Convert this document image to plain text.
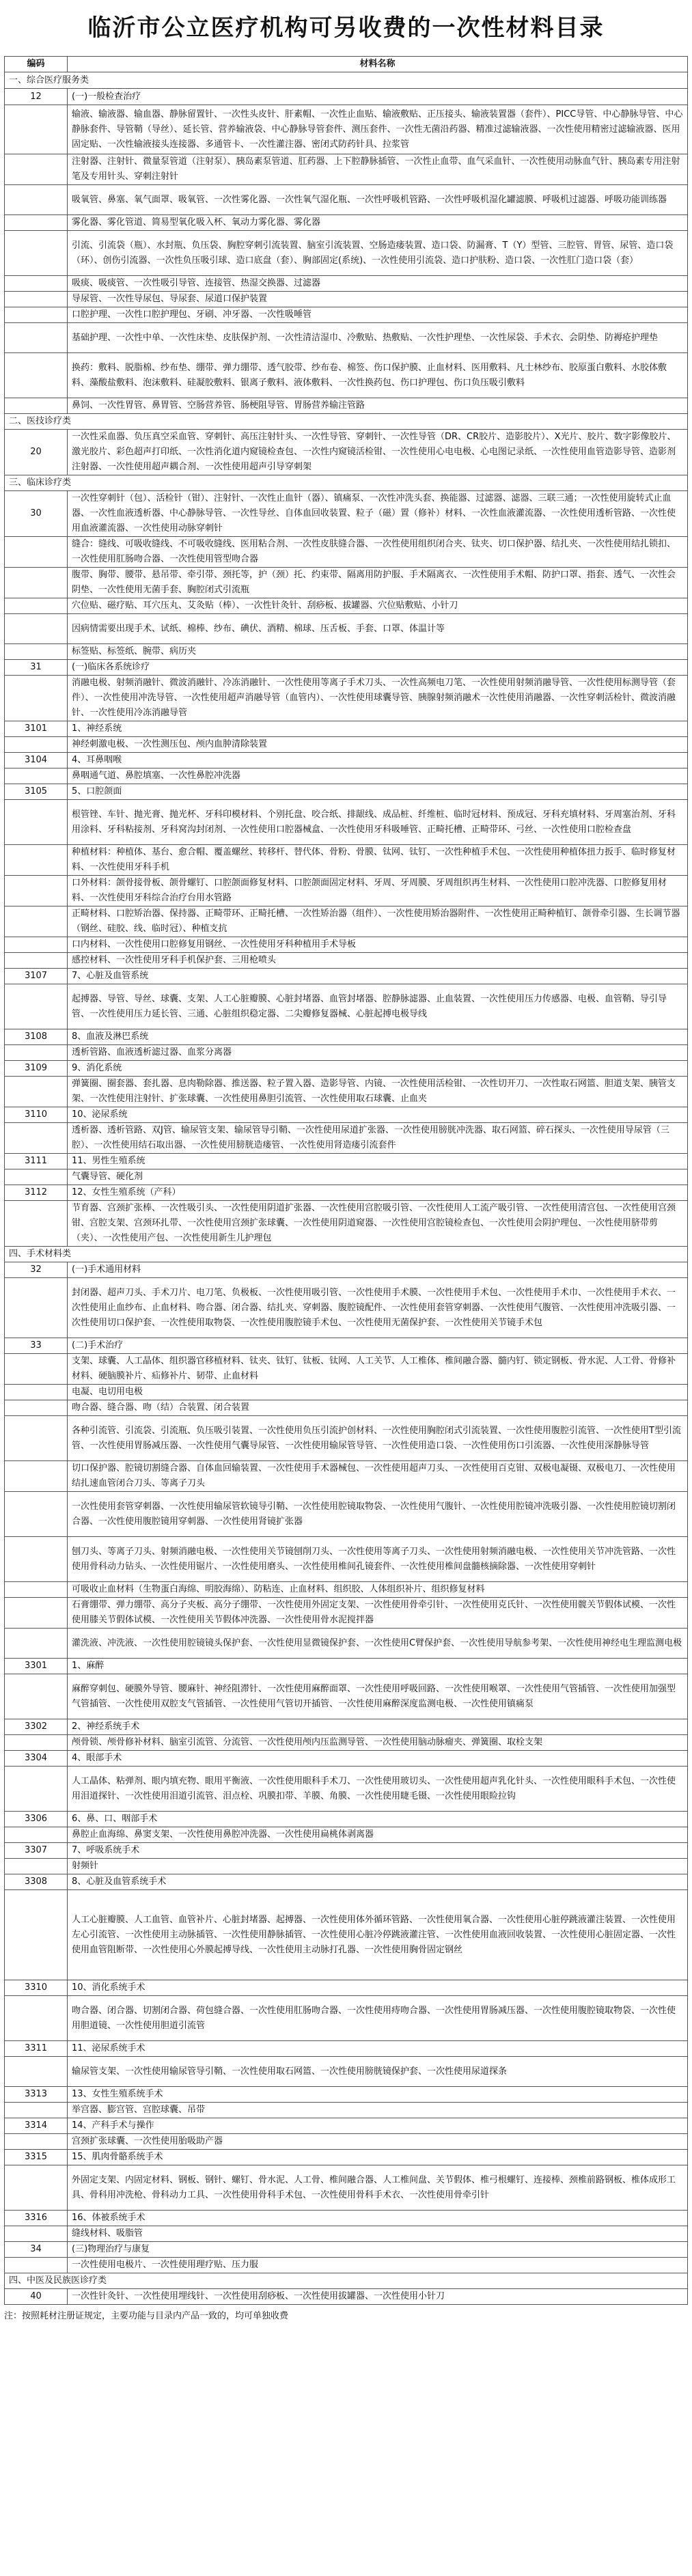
临沂市公立医疗机构可另收费的一次性材料目录
编码	材料名称
一、综合医疗服务类	
12	(一)一般检查治疗
	输液、输液器、输血器、静脉留置针、一次性头皮针、肝素帽、一次性止血贴、输液敷贴、正压接头、输液装置器（套件）、PICC导管、中心静脉导管、中心静脉套件、导管鞘（导丝）、延长管、营养输液袋、中心静脉导管套件、测压套件、一次性无菌沿药器、精准过滤输液器、一次性使用精密过滤输液器、医用固定贴、一次性输液接头连接器、多通管卡、一次性灌注器、密闭式防药针具、拉浆管
	注射器、注射针、微量泵管道（注射泵）、胰岛素泵管道、肛药器、上下腔静脉插管、一次性止血带、血气采血针、一次性使用动脉血气针、胰岛素专用注射笔及专用针头、穿刺注射针
	吸氧管、鼻塞、氧气面罩、吸氧管、一次性雾化器、一次性氧气湿化瓶、一次性呼吸机管路、一次性呼吸机湿化罐滤膜、呼吸机过滤器、呼吸功能训练器
	雾化器、雾化管道、简易型氧化吸入杯、氧动力雾化器、雾化器
	引流、引流袋（瓶）、水封瓶、负压袋、胸腔穿刺引流装置、脑室引流装置、空肠造瘘装置、造口袋、防漏膏、T（Y）型管、三腔管、胃管、尿管、造口袋（环）、创伤引流器、一次性负压吸引球、造口底盘（套）、胸部固定(系统)、一次性使用引流袋、造口护肤粉、造口袋、一次性肛门造口袋（套）
	吸痰、吸痰管、一次性吸引导管、连接管、热湿交换器、过滤器
	导尿管、一次性导尿包、导尿套、尿道口保护装置
	口腔护理、一次性口腔护理包、牙刷、冲牙器、一次性吸唾管
	基础护理、一次性中单、一次性床垫、皮肤保护剂、一次性清洁湿巾、冷敷贴、热敷贴、一次性护理垫、一次性尿袋、手术衣、会阴垫、防褥疮护理垫
	换药：敷料、脱脂棉、纱布垫、绷带、弹力绷带、透气胶带、纱布卷、棉签、伤口保护膜、止血材料、医用敷料、凡士林纱布、胶原蛋白敷料、水胶体敷料、藻酸盐敷料、泡沫敷料、硅凝胶敷料、银离子敷料、液体敷料、一次性换药包、伤口护理包、伤口负压吸引敷料
	鼻饲、一次性胃管、鼻胃管、空肠营养管、肠梗阻导管、胃肠营养输注管路
二、医技诊疗类	
20	一次性采血器、负压真空采血管、穿刺针、高压注射针头、一次性导管、穿刺针、一次性导管（DR、CR胶片、造影胶片）、X光片、胶片、数字影像胶片、激光胶片、彩色超声打印纸、一次性消化道内窥镜检查包、一次性内窥镜活检钳、一次性使用心电电极、心电图记录纸、一次性使用血管造影导管、造影剂注射器、一次性使用超声耦合剂、一次性使用超声引导穿刺架
三、临床诊疗类	
30	一次性穿刺针（包）、活检针（钳）、注射针、一次性止血针（器）、镇痛泵、一次性冲洗头套、换能器、过滤器、滤器、三联三通；一次性使用旋转式止血器、一次性血液透析器、中心静脉导管、一次性导丝、自体血回收装置、粒子（磁）置（修补）材料、一次性血液灌流器、一次性使用透析管路、一次性使用血液灌流器、一次性使用动脉穿刺针
	缝合：缝线、可吸收缝线、不可吸收缝线、医用粘合剂、一次性皮肤缝合器、一次性使用组织闭合夹、钛夹、切口保护器、结扎夹、一次性使用结扎锁扣、一次性使用肛肠吻合器、一次性使用管型吻合器
	腹带、胸带、腰带、悬吊带、牵引带、颈托等，护（颈）托、约束带、隔离用防护服、手术隔离衣、一次性使用手术帽、防护口罩、指套、透气、一次性会阴垫、一次性使用无菌手套、胸腔闭式引流瓶
	穴位贴、磁疗贴、耳穴压丸、艾灸贴（棒）、一次性针灸针、刮痧板、拔罐器、穴位贴敷贴、小针刀
	因病情需要出现手术、试纸、棉棒、纱布、碘伏、酒精、棉球、压舌板、手套、口罩、体温计等
	标签贴、标签纸、腕带、病历夹
31	(一)临床各系统诊疗
	消融电极、射频消融针、微波消融针、冷冻消融针、一次性使用等离子手术刀头、一次性高频电刀笔、一次性使用射频消融导管、一次性使用标测导管（套件）、一次性使用冲洗导管、一次性使用超声消融导管（血管内）、一次性使用球囊导管、胰腺射频消融术一次性使用消融器、一次性穿刺活检针、微波消融针、一次性使用冷冻消融导管
3101	1、神经系统
	神经刺激电极、一次性测压包、颅内血肿清除装置
3104	4、耳鼻咽喉
	鼻咽通气道、鼻腔填塞、一次性鼻腔冲洗器
3105	5、口腔颌面
	根管锉、车针、抛光膏、抛光杯、牙科印模材料、个别托盘、咬合纸、排龈线、成品桩、纤维桩、临时冠材料、预成冠、牙科充填材料、牙周塞治剂、牙科用涂料、牙科粘接剂、牙科窝沟封闭剂、一次性使用口腔器械盒、一次性使用牙科吸唾管、正畸托槽、正畸带环、弓丝、一次性使用口腔检查盘
	种植材料：种植体、基台、愈合帽、覆盖螺丝、转移杆、替代体、骨粉、骨膜、钛网、钛钉、一次性种植手术包、一次性使用种植体扭力扳手、临时修复材料、一次性使用牙科手机
	口外材料：颌骨接骨板、颌骨螺钉、口腔颌面修复材料、口腔颌面固定材料、牙周、牙周膜、牙周组织再生材料、一次性使用口腔冲洗器、口腔修复用材料、一次性使用牙科综合治疗台用水管路
	正畸材料、口腔矫治器、保持器、正畸带环、正畸托槽、一次性矫治器（组件）、一次性使用矫治器附件、一次性使用正畸种植钉、颌骨牵引器、生长调节器（钢丝、硅胶、线、临时冠）、种植支抗
	口内材料、一次性使用口腔修复用钢丝、一次性使用牙科种植用手术导板
	感控材料、一次性使用牙科手机保护套、三用枪喷头
3107	7、心脏及血管系统
	起搏器、导管、导丝、球囊、支架、人工心脏瓣膜、心脏封堵器、血管封堵器、腔静脉滤器、止血装置、一次性使用压力传感器、电极、血管鞘、导引导管、一次性使用压力延长管、三通、心脏组织稳定器、二尖瓣修复器械、心脏起搏电极导线
3108	8、血液及淋巴系统
	透析管路、血液透析滤过器、血浆分离器
3109	9、消化系统
	弹簧圈、圈套器、套扎器、息肉勒除器、推送器、粒子置入器、造影导管、内镜、一次性使用活检钳、一次性切开刀、一次性取石网篮、胆道支架、胰管支架、一次性使用注射针、扩张球囊、一次性使用鼻胆引流管、一次性使用取石球囊、止血夹
3110	10、泌尿系统
	透析器、透析管路、双J管、输尿管支架、输尿管导引鞘、一次性使用尿道扩张器、一次性使用膀胱冲洗器、取石网篮、碎石探头、一次性使用导尿管（三腔）、一次性使用结石取出器、一次性使用膀胱造瘘管、一次性使用肾造瘘引流套件
3111	11、男性生殖系统
	气囊导管、硬化剂
3112	12、女性生殖系统（产科）
	节育器、宫颈扩张棒、一次性吸引头、一次性使用阴道扩张器、一次性使用宫腔吸引管、一次性使用人工流产吸引管、一次性使用清宫包、一次性使用宫颈钳、宫腔支架、宫颈环扎带、一次性使用宫颈扩张球囊、一次性使用阴道窥器、一次性使用宫腔镜检查包、一次性使用会阴护理包、一次性使用脐带剪（夹）、一次性使用产包、一次性使用新生儿护理包
四、手术材料类	
32	(一)手术通用材料
	封闭器、超声刀头、手术刀片、电刀笔、负极板、一次性使用吸引管、一次性使用手术膜、一次性使用手术包、一次性使用手术巾、一次性使用手术衣、一次性使用止血纱布、止血材料、吻合器、闭合器、结扎夹、穿刺器、腹腔镜配件、一次性使用套管穿刺器、一次性使用气腹管、一次性使用冲洗吸引器、一次性使用切口保护套、一次性使用取物袋、一次性使用腹腔镜手术包、一次性使用无菌保护套、一次性使用关节镜手术包
33	(二)手术治疗
	支架、球囊、人工晶体、组织器官移植材料、钛夹、钛钉、钛板、钛网、人工关节、人工椎体、椎间融合器、髓内钉、锁定钢板、骨水泥、人工骨、骨修补材料、硬脑膜补片、疝修补片、韧带、止血材料
	电凝、电切用电极
	吻合器、缝合器、吻（结）合装置、闭合装置
	各种引流管、引流袋、引流瓶、负压吸引装置、一次性使用负压引流护创材料、一次性使用胸腔闭式引流装置、一次性使用腹腔引流管、一次性使用T型引流管、一次性使用胃肠减压器、一次性使用气囊导尿管、一次性使用输尿管导管、一次性使用造口袋、一次性使用伤口引流器、一次性使用深静脉导管
	切口保护器、腔镜切割缝合器、自体血回输装置、一次性使用手术器械包、一次性使用超声刀头、一次性使用百克钳、双极电凝镊、双极电刀、一次性使用结扎速血管闭合刀头、等离子刀头
	一次性使用套管穿刺器、一次性使用输尿管软镜导引鞘、一次性使用腔镜取物袋、一次性使用气腹针、一次性使用腔镜冲洗吸引器、一次性使用腔镜切割闭合器、一次性使用腹腔镜用穿刺器、一次性使用肾镜扩张器
	刨刀头、等离子刀头、射频消融电极、一次性使用关节镜刨削刀头、一次性使用等离子刀头、一次性使用射频消融电极、一次性使用关节冲洗管路、一次性使用骨科动力钻头、一次性使用锯片、一次性使用磨头、一次性使用椎间孔镜套件、一次性使用椎间盘髓核摘除器、一次性使用穿刺针
	可吸收止血材料（生物蛋白海绵、明胶海绵）、防粘连、止血材料、组织胶、人体组织补片、组织修复材料
	石膏绷带、弹力绷带、高分子夹板、高分子绷带、一次性使用外固定支架、一次性使用骨牵引针、一次性使用克氏针、一次性使用髋关节假体试模、一次性使用膝关节假体试模、一次性使用关节假体冲洗器、一次性使用骨水泥搅拌器
	灌洗液、冲洗液、一次性使用腔镜镜头保护套、一次性使用显微镜保护套、一次性使用C臂保护套、一次性使用导航参考架、一次性使用神经电生理监测电极
3301	1、麻醉
	麻醉穿刺包、硬膜外导管、腰麻针、神经阻滞针、一次性使用麻醉面罩、一次性使用呼吸回路、一次性使用喉罩、一次性使用气管插管、一次性使用加强型气管插管、一次性使用双腔支气管插管、一次性使用气管切开插管、一次性使用麻醉深度监测电极、一次性使用镇痛泵
3302	2、神经系统手术
	颅骨锁、颅骨修补材料、脑室引流管、分流管、一次性使用颅内压监测导管、一次性使用脑动脉瘤夹、弹簧圈、取栓支架
3304	4、眼部手术
	人工晶体、粘弹剂、眼内填充物、眼用平衡液、一次性使用眼科手术刀、一次性使用玻切头、一次性使用超声乳化针头、一次性使用眼科手术包、一次性使用泪道探针、一次性使用泪道引流管、泪点栓、巩膜扣带、羊膜、角膜、一次性使用睫毛镊、一次性使用眼睑拉钩
3306	6、鼻、口、咽部手术
	鼻腔止血海绵、鼻窦支架、一次性使用鼻腔冲洗器、一次性使用扁桃体剥离器
3307	7、呼吸系统手术
	射频针
3308	8、心脏及血管系统手术
	人工心脏瓣膜、人工血管、血管补片、心脏封堵器、起搏器、一次性使用体外循环管路、一次性使用氧合器、一次性使用心脏停跳液灌注装置、一次性使用左心引流管、一次性使用主动脉插管、一次性使用静脉插管、一次性使用心脏冷停跳液灌注管、一次性使用血液回收装置、一次性使用心脏固定器、一次性使用血管阻断带、一次性使用心外膜起搏导线、一次性使用主动脉打孔器、一次性使用胸骨固定钢丝
3310	10、消化系统手术
	吻合器、闭合器、切割闭合器、荷包缝合器、一次性使用肛肠吻合器、一次性使用痔吻合器、一次性使用胃肠减压器、一次性使用腹腔镜取物袋、一次性使用胆道镜、一次性使用胆道引流管
3311	11、泌尿系统手术
	输尿管支架、一次性使用输尿管导引鞘、一次性使用取石网篮、一次性使用膀胱镜保护套、一次性使用尿道探条
3313	13、女性生殖系统手术
	举宫器、膨宫管、宫腔球囊、吊带
3314	14、产科手术与操作
	宫颈扩张球囊、一次性使用胎吸助产器
3315	15、肌肉骨骼系统手术
	外固定支架、内固定材料、钢板、钢针、螺钉、骨水泥、人工骨、椎间融合器、人工椎间盘、关节假体、椎弓根螺钉、连接棒、颈椎前路钢板、椎体成形工具、骨科用冲洗枪、骨科动力工具、一次性使用骨科手术包、一次性使用骨科手术衣、一次性使用骨牵引针
3316	16、体被系统手术
	缝线材料、吸脂管
34	(三)物理治疗与康复
	一次性使用电极片、一次性使用理疗贴、压力服
四、中医及民族医诊疗类	
40	一次性针灸针、一次性使用埋线针、一次性使用刮痧板、一次性使用拔罐器、一次性使用小针刀
注：按照耗材注册证规定，主要功能与目录内产品一致的，均可单独收费
